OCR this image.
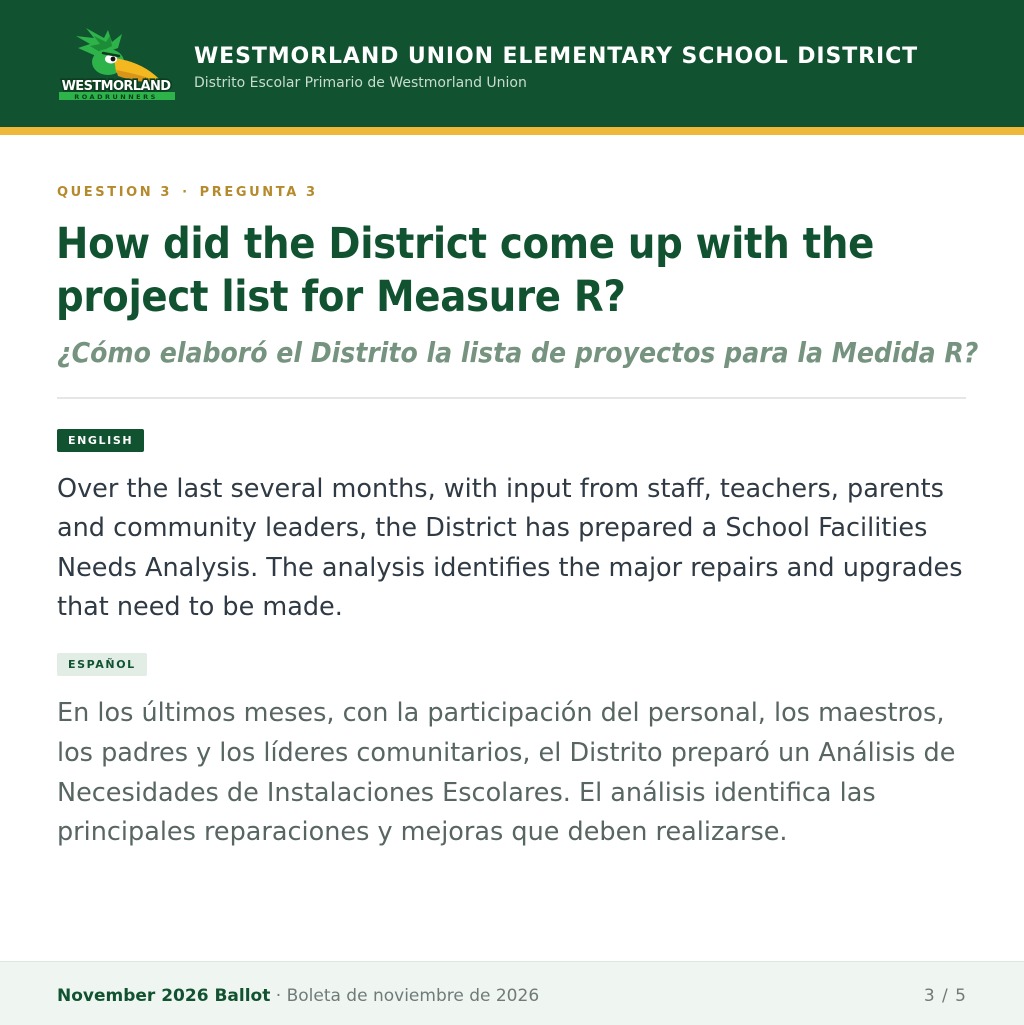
ROADRUNNERS
WESTMORLAND
WESTMORLAND UNION ELEMENTARY SCHOOL DISTRICT

Distrito Escolar Primario de Westmorland Union

QUESTION 3 · PREGUNTA 3
How did the District come up with the project list for Measure R?
¿Cómo elaboró el Distrito la lista de proyectos para la Medida R?
ENGLISH

Over the last several months, with input from staff, teachers, parents and community leaders, the District has prepared a School Facilities Needs Analysis. The analysis identifies the major repairs and upgrades that need to be made.

ESPAÑOL

En los últimos meses, con la participación del personal, los maestros, los padres y los líderes comunitarios, el Distrito preparó un Análisis de Necesidades de Instalaciones Escolares. El análisis identifica las principales reparaciones y mejoras que deben realizarse.

November 2026 Ballot · Boleta de noviembre de 2026	3 / 5
